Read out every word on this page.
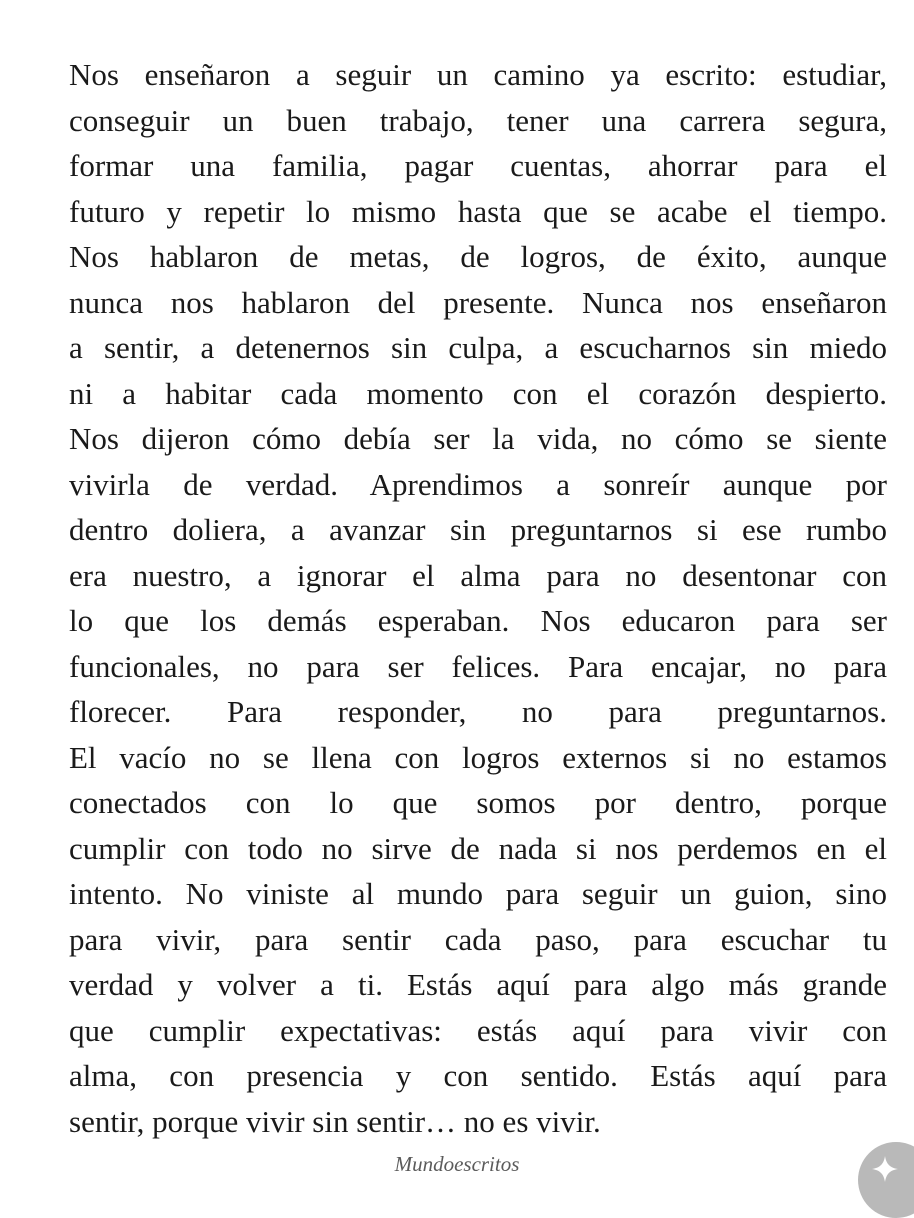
Nos enseñaron a seguir un camino ya escrito: estudiar,
conseguir un buen trabajo, tener una carrera segura,
formar una familia, pagar cuentas, ahorrar para el
futuro y repetir lo mismo hasta que se acabe el tiempo.
Nos hablaron de metas, de logros, de éxito, aunque
nunca nos hablaron del presente. Nunca nos enseñaron
a sentir, a detenernos sin culpa, a escucharnos sin miedo
ni a habitar cada momento con el corazón despierto.
Nos dijeron cómo debía ser la vida, no cómo se siente
vivirla de verdad. Aprendimos a sonreír aunque por
dentro doliera, a avanzar sin preguntarnos si ese rumbo
era nuestro, a ignorar el alma para no desentonar con
lo que los demás esperaban. Nos educaron para ser
funcionales, no para ser felices. Para encajar, no para
florecer. Para responder, no para preguntarnos.
El vacío no se llena con logros externos si no estamos
conectados con lo que somos por dentro, porque
cumplir con todo no sirve de nada si nos perdemos en el
intento. No viniste al mundo para seguir un guion, sino
para vivir, para sentir cada paso, para escuchar tu
verdad y volver a ti. Estás aquí para algo más grande
que cumplir expectativas: estás aquí para vivir con
alma, con presencia y con sentido. Estás aquí para
sentir, porque vivir sin sentir… no es vivir.
Mundoescritos
